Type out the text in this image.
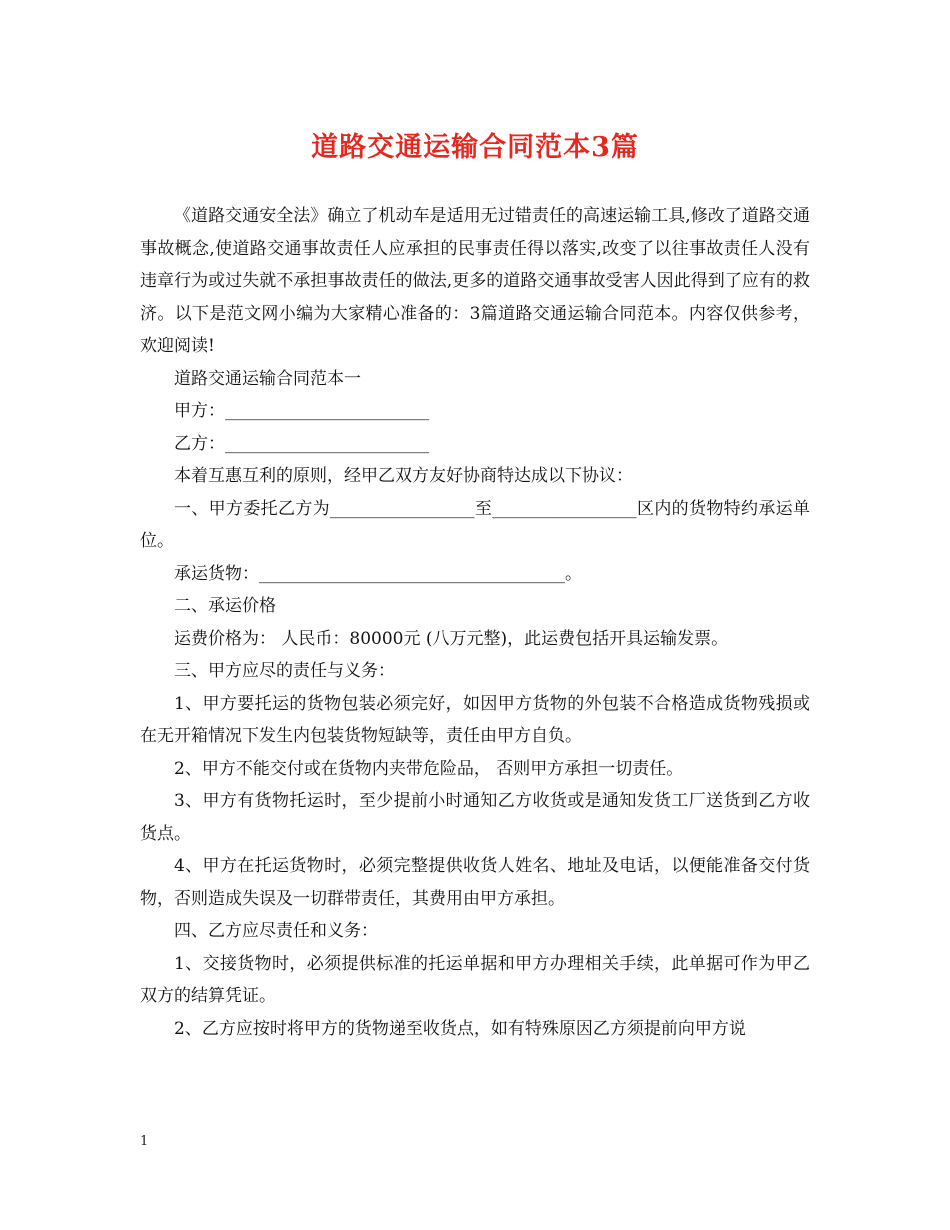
道路交通运输合同范本3篇

《道路交通安全法》确立了机动车是适用无过错责任的高速运输工具,修改了道路交通事故概念,使道路交通事故责任人应承担的民事责任得以落实,改变了以往事故责任人没有违章行为或过失就不承担事故责任的做法,更多的道路交通事故受害人因此得到了应有的救济。以下是范文网小编为大家精心准备的：3篇道路交通运输合同范本。内容仅供参考，欢迎阅读!

道路交通运输合同范本一

甲方：________________________

乙方：________________________

本着互惠互利的原则，经甲乙双方友好协商特达成以下协议：

一、甲方委托乙方为_________________至_________________区内的货物特约承运单位。

承运货物：____________________________________。

二、承运价格

运费价格为： 人民币：80000元 (八万元整)，此运费包括开具运输发票。

三、甲方应尽的责任与义务：

1、甲方要托运的货物包装必须完好，如因甲方货物的外包装不合格造成货物残损或在无开箱情况下发生内包装货物短缺等，责任由甲方自负。

2、甲方不能交付或在货物内夹带危险品， 否则甲方承担一切责任。

3、甲方有货物托运时，至少提前小时通知乙方收货或是通知发货工厂送货到乙方收货点。

4、甲方在托运货物时，必须完整提供收货人姓名、地址及电话，以便能准备交付货物，否则造成失误及一切群带责任，其费用由甲方承担。

四、乙方应尽责任和义务：

1、交接货物时，必须提供标准的托运单据和甲方办理相关手续，此单据可作为甲乙双方的结算凭证。

2、乙方应按时将甲方的货物递至收货点，如有特殊原因乙方须提前向甲方说

1
